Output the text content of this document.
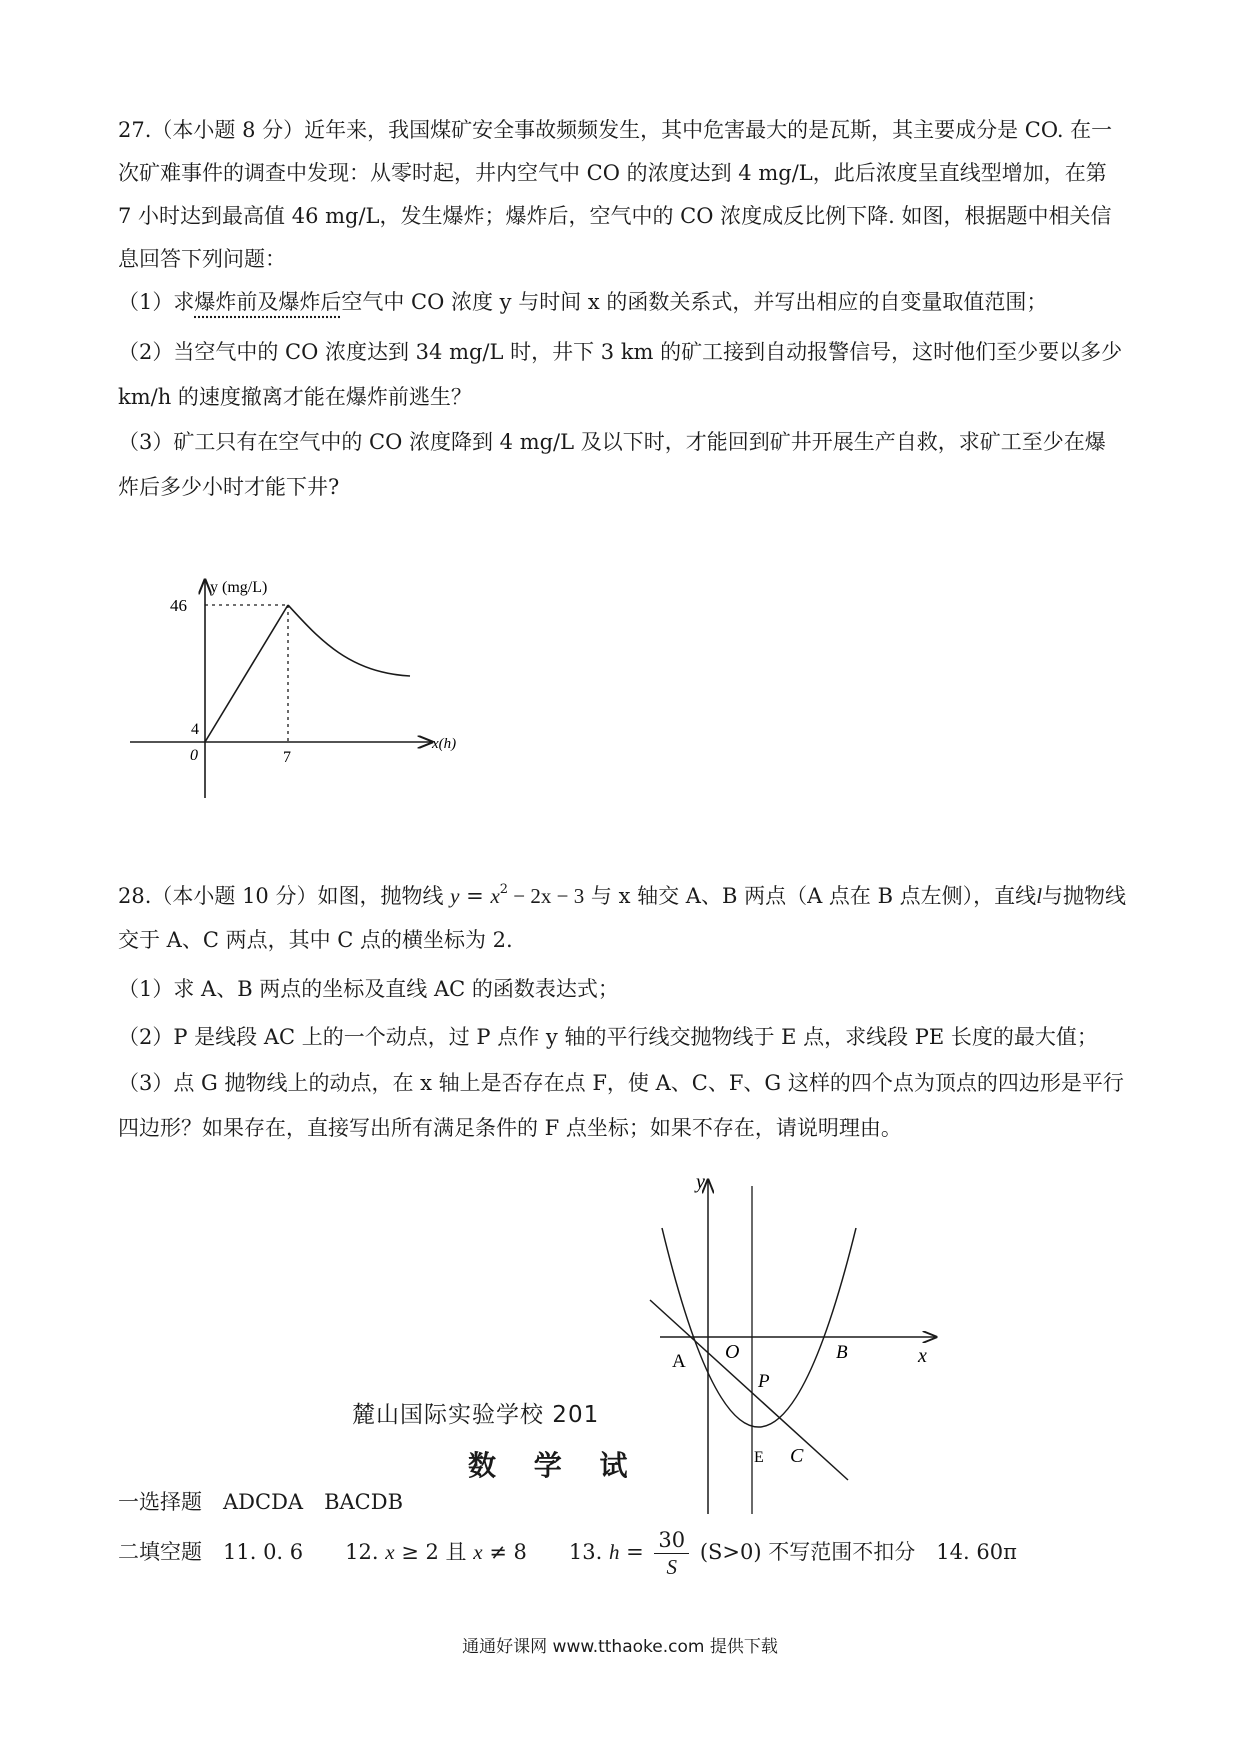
27.（本小题 8 分）近年来，我国煤矿安全事故频频发生，其中危害最大的是瓦斯，其主要成分是 CO. 在一
次矿难事件的调查中发现：从零时起，井内空气中 CO 的浓度达到 4 mg/L，此后浓度呈直线型增加，在第
7 小时达到最高值 46 mg/L，发生爆炸；爆炸后，空气中的 CO 浓度成反比例下降. 如图，根据题中相关信
息回答下列问题：
（1）求爆炸前及爆炸后空气中 CO 浓度 y 与时间 x 的函数关系式，并写出相应的自变量取值范围；
（2）当空气中的 CO 浓度达到 34 mg/L 时，井下 3 km 的矿工接到自动报警信号，这时他们至少要以多少
km/h 的速度撤离才能在爆炸前逃生？
（3）矿工只有在空气中的 CO 浓度降到 4 mg/L 及以下时，才能回到矿井开展生产自救，求矿工至少在爆
炸后多少小时才能下井?
y (mg/L)
x(h)
46
4
0	7
28.（本小题 10 分）如图，抛物线 $y = x^2 - 2x - 3$ 与 x 轴交 A、B 两点（A 点在 B 点左侧），直线l与抛物线
交于 A、C 两点，其中 C 点的横坐标为 2.
（1）求 A、B 两点的坐标及直线 AC 的函数表达式；
（2）P 是线段 AC 上的一个动点，过 P 点作 y 轴的平行线交抛物线于 E 点，求线段 PE 长度的最大值；
（3）点 G 抛物线上的动点，在 x 轴上是否存在点 F，使 A、C、F、G 这样的四个点为顶点的四边形是平行
四边形？如果存在，直接写出所有满足条件的 F 点坐标；如果不存在，请说明理由。
麓山国际实验学校 201
数 学 试
y
x
O
A	B
P
E C
一选择题　ADCDA　BACDB
二填空题　11. 0. 6　　12. x ≥ 2 且 x ≠ 8　　13. $h = \frac{30}{S} (S>0)$ 不写范围不扣分　14. 60π
通通好课网 www.tthaoke.com 提供下载
